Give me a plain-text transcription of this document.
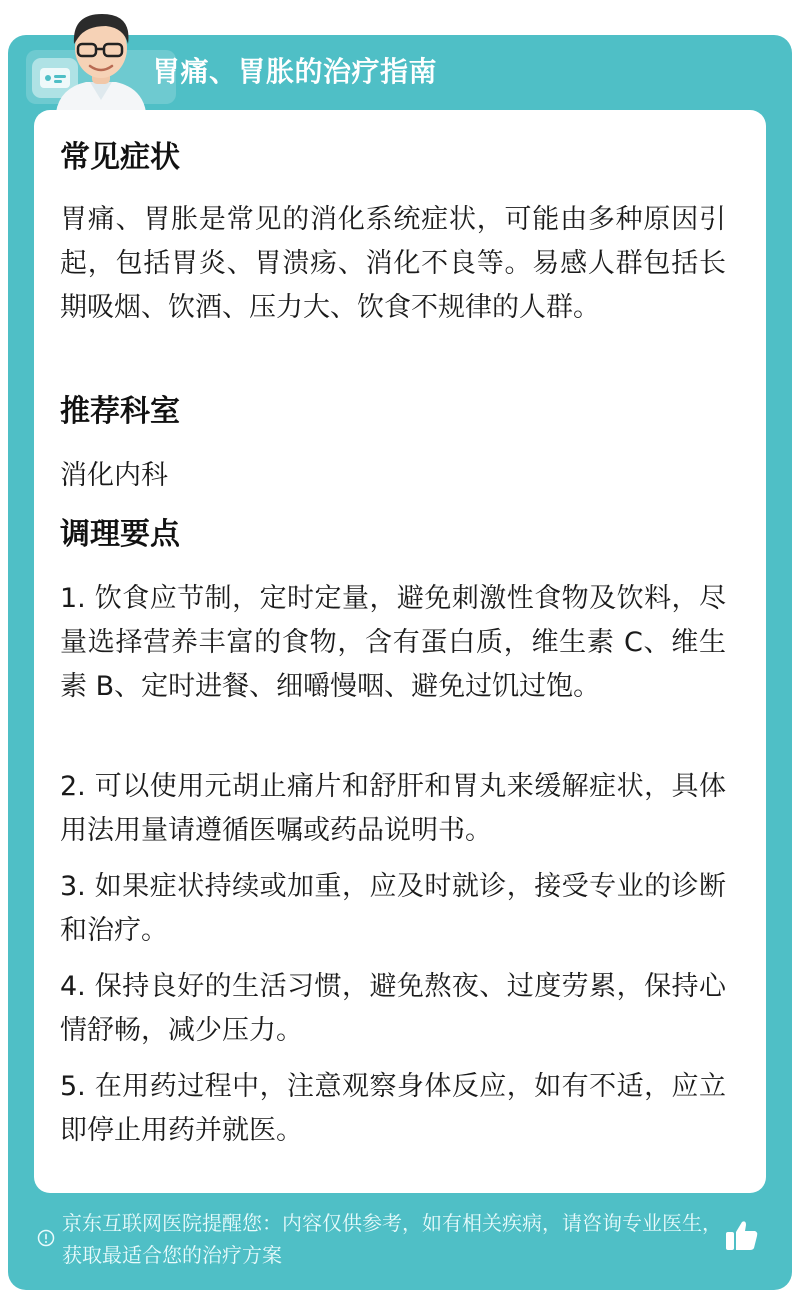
胃痛、胃胀的治疗指南
常见症状
胃痛、胃胀是常见的消化系统症状，可能由多种原因引起，包括胃炎、胃溃疡、消化不良等。易感人群包括长期吸烟、饮酒、压力大、饮食不规律的人群。
推荐科室
消化内科
调理要点
1. 饮食应节制，定时定量，避免刺激性食物及饮料，尽量选择营养丰富的食物，含有蛋白质，维生素 C、维生素 B、定时进餐、细嚼慢咽、避免过饥过饱。
2. 可以使用元胡止痛片和舒肝和胃丸来缓解症状，具体用法用量请遵循医嘱或药品说明书。
3. 如果症状持续或加重，应及时就诊，接受专业的诊断和治疗。
4. 保持良好的生活习惯，避免熬夜、过度劳累，保持心情舒畅，减少压力。
5. 在用药过程中，注意观察身体反应，如有不适，应立即停止用药并就医。
京东互联网医院提醒您：内容仅供参考，如有相关疾病，请咨询专业医生，获取最适合您的治疗方案
